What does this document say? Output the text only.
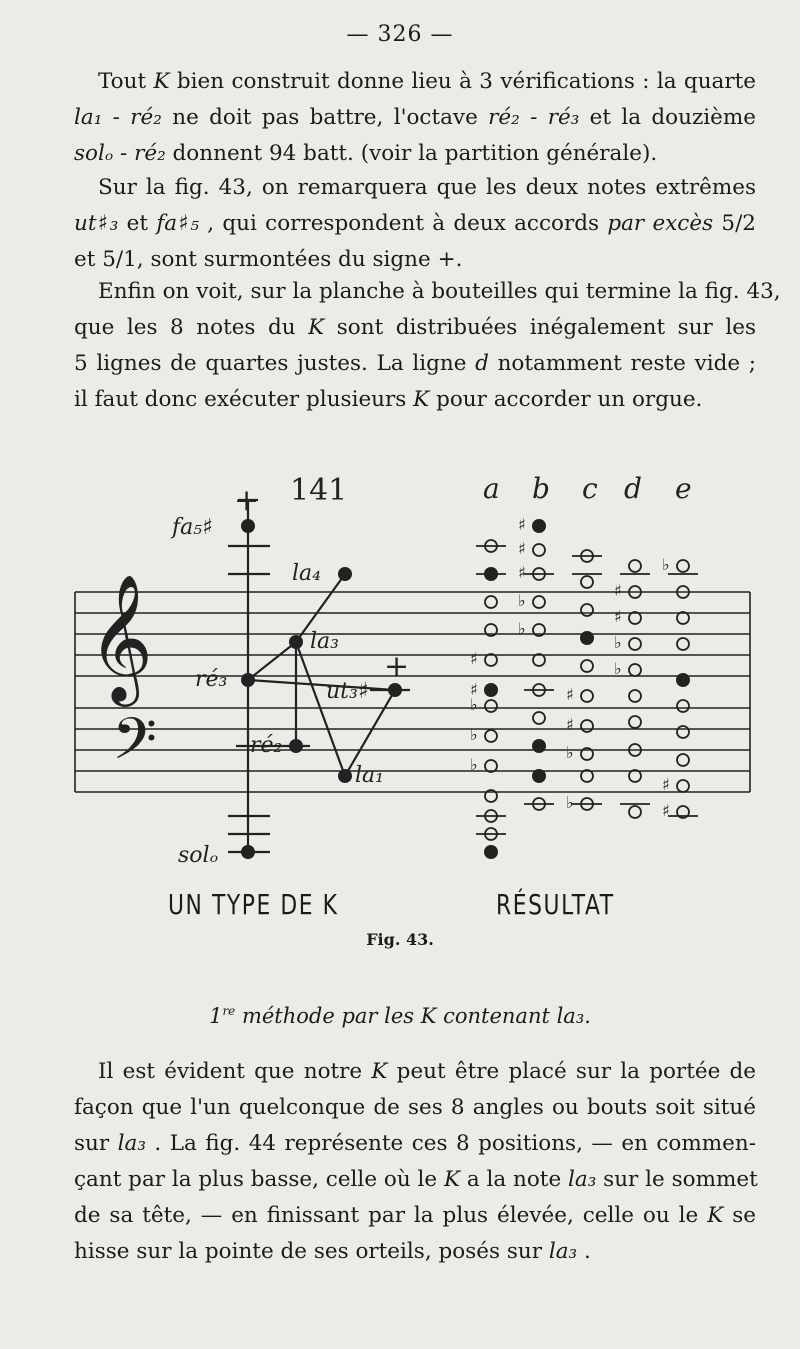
— 326 —

Tout K bien construit donne lieu à 3 vérifications : la quarte
la₁ - ré₂ ne doit pas battre, l'octave ré₂ - ré₃ et la douzième
solₒ - ré₂ donnent 94 batt. (voir la partition générale).

Sur la fig. 43, on remarquera que les deux notes extrêmes
ut♯₃ et fa♯₅ , qui correspondent à deux accords par excès 5/2
et 5/1, sont surmontées du signe +.

Enfin on voit, sur la planche à bouteilles qui termine la fig. 43,
que les 8 notes du K sont distribuées inégalement sur les
5 lignes de quartes justes. La ligne d notamment reste vide ;
il faut donc exécuter plusieurs K pour accorder un orgue.

𝄞
𝄢
fa₅♯
la₄
la₃
ré₃	ut₃♯
ré₂
la₁
solₒ
+
+
141	a b c d e
♯
♯
♭
♭
♭
♯
♯
♯
♭
♭
♯
♯
♭
♭
♯
♯
♭
♭
♭
♯
♯
UN TYPE DE K	RÉSULTAT
Fig. 43.
1re méthode par les K contenant la₃.

Il est évident que notre K peut être placé sur la portée de
façon que l'un quelconque de ses 8 angles ou bouts soit situé
sur la₃ . La fig. 44 représente ces 8 positions, — en commen-
çant par la plus basse, celle où le K a la note la₃ sur le sommet
de sa tête, — en finissant par la plus élevée, celle ou le K se
hisse sur la pointe de ses orteils, posés sur la₃ .
